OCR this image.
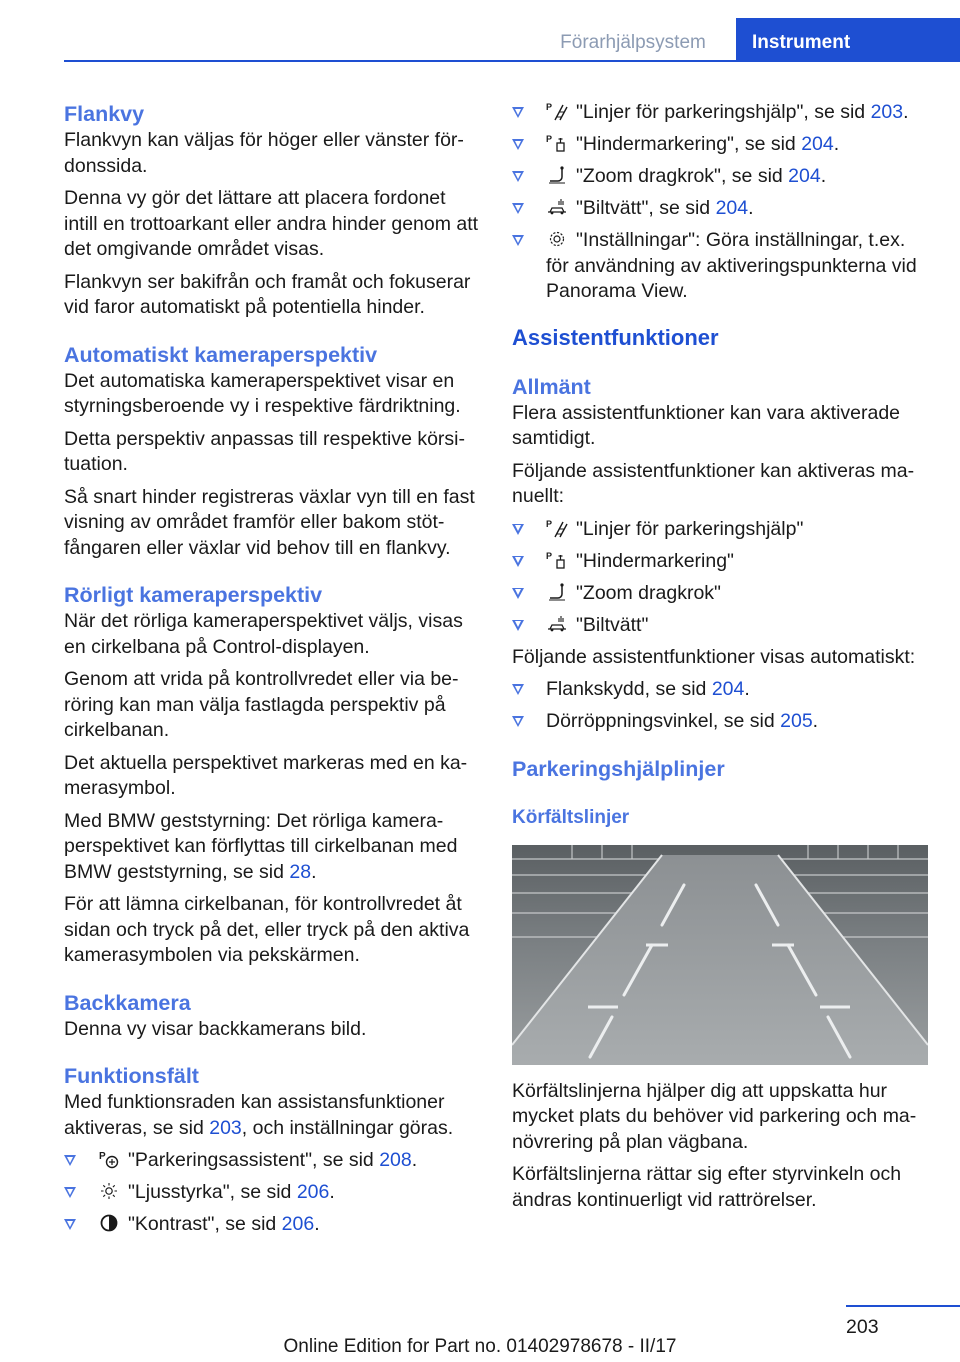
Förarhjälpsystem	Instrument
Flankvy

Flankvyn kan väljas för höger eller vänster för-donssida.

Denna vy gör det lättare att placera fordonet intill en trottoarkant eller andra hinder genom att det omgivande området visas.

Flankvyn ser bakifrån och framåt och fokuserar vid faror automatiskt på potentiella hinder.

Automatiskt kameraperspektiv

Det automatiska kameraperspektivet visar en styrningsberoende vy i respektive färdriktning.

Detta perspektiv anpassas till respektive körsi-tuation.

Så snart hinder registreras växlar vyn till en fast visning av området framför eller bakom stöt-fångaren eller växlar vid behov till en flankvy.

Rörligt kameraperspektiv

När det rörliga kameraperspektivet väljs, visas en cirkelbana på Control-displayen.

Genom att vrida på kontrollvredet eller via be-röring kan man välja fastlagda perspektiv på cirkelbanan.

Det aktuella perspektivet markeras med en ka-merasymbol.

Med BMW geststyrning: Det rörliga kamera-perspektivet kan förflyttas till cirkelbanan med BMW geststyrning, se sid 28.

För att lämna cirkelbanan, för kontrollvredet åt sidan och tryck på det, eller tryck på den aktiva kamerasymbolen via pekskärmen.

Backkamera

Denna vy visar backkamerans bild.

Funktionsfält

Med funktionsraden kan assistansfunktioner aktiveras, se sid 203, och inställningar göras.

P "Parkeringsassistent", se sid 208.
"Ljusstyrka", se sid 206.
"Kontrast", se sid 206.
P "Linjer för parkeringshjälp", se sid 203.
P "Hindermarkering", se sid 204.
"Zoom dragkrok", se sid 204.
"Biltvätt", se sid 204.
"Inställningar": Göra inställningar, t.ex. för användning av aktiveringspunkterna vid Panorama View.
Assistentfunktioner
Allmänt

Flera assistentfunktioner kan vara aktiverade samtidigt.

Följande assistentfunktioner kan aktiveras ma-nuellt:

P "Linjer för parkeringshjälp"
P "Hindermarkering"
"Zoom dragkrok"
"Biltvätt"

Följande assistentfunktioner visas automatiskt:

Flankskydd, se sid 204.
Dörröppningsvinkel, se sid 205.
Parkeringshjälplinjer
Körfältslinjer

Körfältslinjerna hjälper dig att uppskatta hur mycket plats du behöver vid parkering och ma-növrering på plan vägbana.

Körfältslinjerna rättar sig efter styrvinkeln och ändras kontinuerligt vid rattrörelser.

203
Online Edition for Part no. 01402978678 - II/17
